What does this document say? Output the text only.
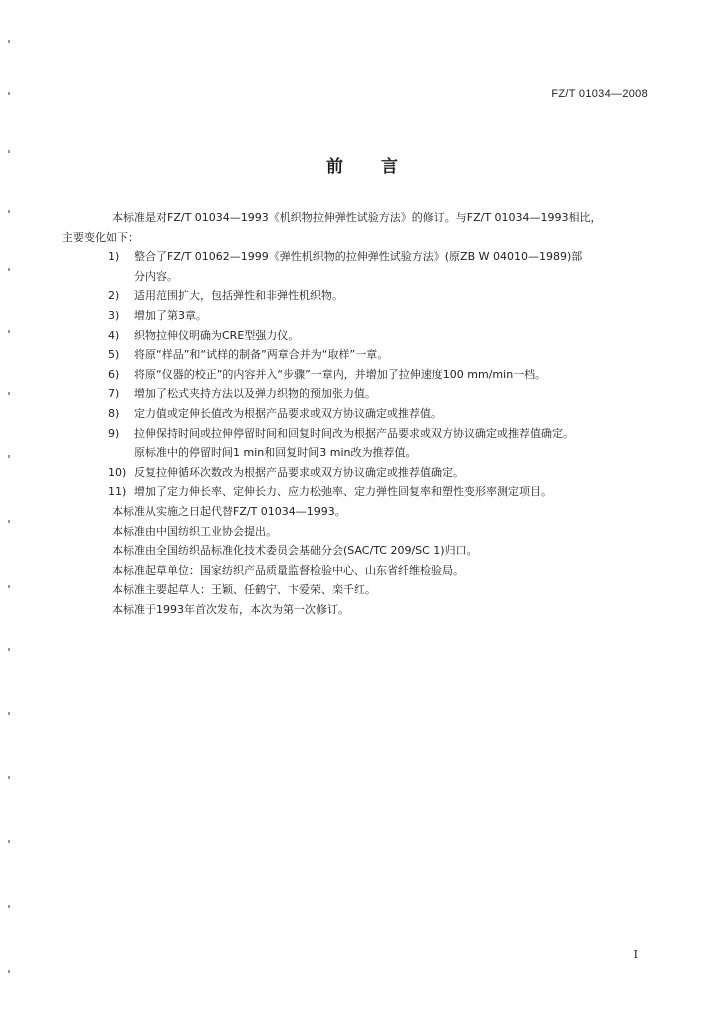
FZ/T 01034—2008
前言

本标准是对FZ/T 01034—1993《机织物拉伸弹性试验方法》的修订。与FZ/T 01034—1993相比，

主要变化如下：

1)	整合了FZ/T 01062—1999《弹性机织物的拉伸弹性试验方法》(原ZB W 04010—1989)部

分内容。

2)	适用范围扩大，包括弹性和非弹性机织物。
3)	增加了第3章。
4)	织物拉伸仪明确为CRE型强力仪。
5)	将原“样品”和“试样的制备”两章合并为“取样”一章。
6)	将原“仪器的校正”的内容并入“步骤”一章内，并增加了拉伸速度100 mm/min一档。
7)	增加了松式夹持方法以及弹力织物的预加张力值。
8)	定力值或定伸长值改为根据产品要求或双方协议确定或推荐值。
9)	拉伸保持时间或拉伸停留时间和回复时间改为根据产品要求或双方协议确定或推荐值确定。

原标准中的停留时间1 min和回复时间3 min改为推荐值。

10) 反复拉伸循环次数改为根据产品要求或双方协议确定或推荐值确定。
11) 增加了定力伸长率、定伸长力、应力松弛率、定力弹性回复率和塑性变形率测定项目。

本标准从实施之日起代替FZ/T 01034—1993。

本标准由中国纺织工业协会提出。

本标准由全国纺织品标准化技术委员会基础分会(SAC/TC 209/SC 1)归口。

本标准起草单位：国家纺织产品质量监督检验中心、山东省纤维检验局。

本标准主要起草人：王颖、任鹤宁、卞爱荣、栾千红。

本标准于1993年首次发布，本次为第一次修订。

I
